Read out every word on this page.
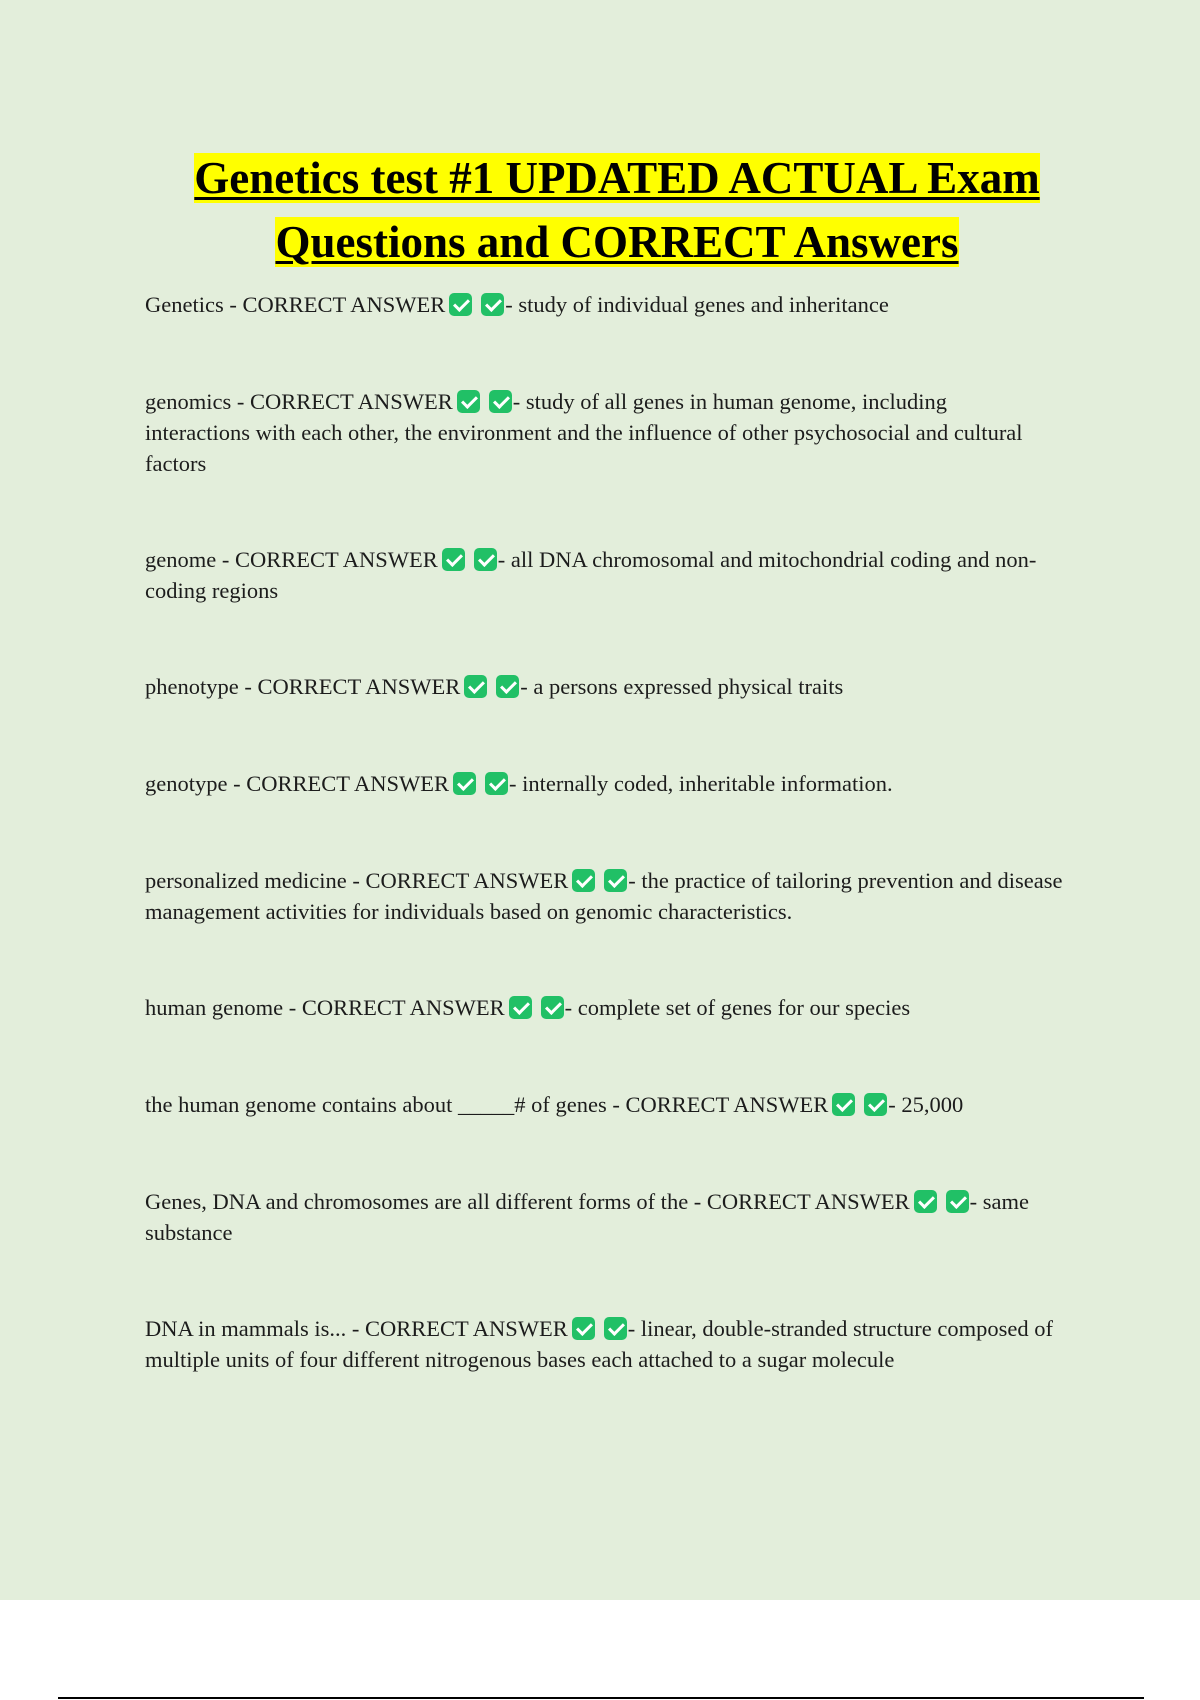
Genetics test #1 UPDATED ACTUAL Exam
Questions and CORRECT Answers

Genetics - CORRECT ANSWER	- study of individual genes and inheritance

genomics - CORRECT ANSWER	- study of all genes in human genome, including interactions with each other, the environment and the influence of other psychosocial and cultural factors

genome - CORRECT ANSWER	- all DNA chromosomal and mitochondrial coding and non-coding regions

phenotype - CORRECT ANSWER	- a persons expressed physical traits

genotype - CORRECT ANSWER	- internally coded, inheritable information.

personalized medicine - CORRECT ANSWER	- the practice of tailoring prevention and disease management activities for individuals based on genomic characteristics.

human genome - CORRECT ANSWER	- complete set of genes for our species

the human genome contains about _____# of genes - CORRECT ANSWER	- 25,000

Genes, DNA and chromosomes are all different forms of the - CORRECT ANSWER	- same substance

DNA in mammals is... - CORRECT ANSWER	- linear, double-stranded structure composed of multiple units of four different nitrogenous bases each attached to a sugar molecule
